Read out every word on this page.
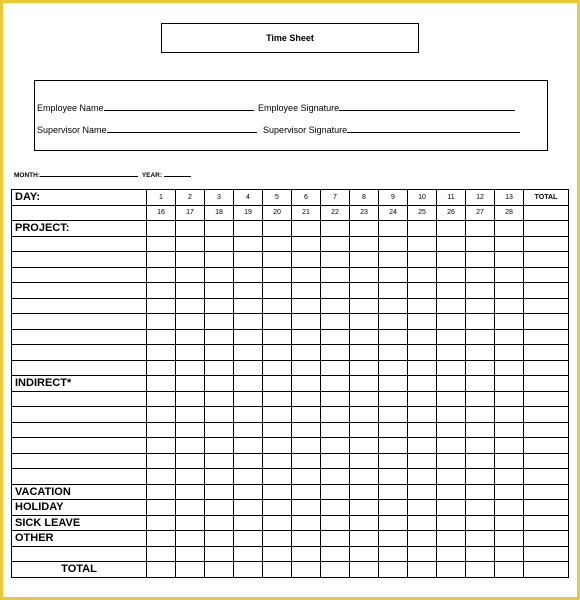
Time Sheet
Employee Name	Employee Signature
Supervisor Name	Supervisor Signature
MONTH:	YEAR:
DAY:	1	2	3	4	5	6	7	8	9	10	11	12	13	TOTAL
	16	17	18	19	20	21	22	23	24	25	26	27	28	
PROJECT:														

INDIRECT*														

VACATION														
HOLIDAY														
SICK LEAVE														
OTHER														

TOTAL														
